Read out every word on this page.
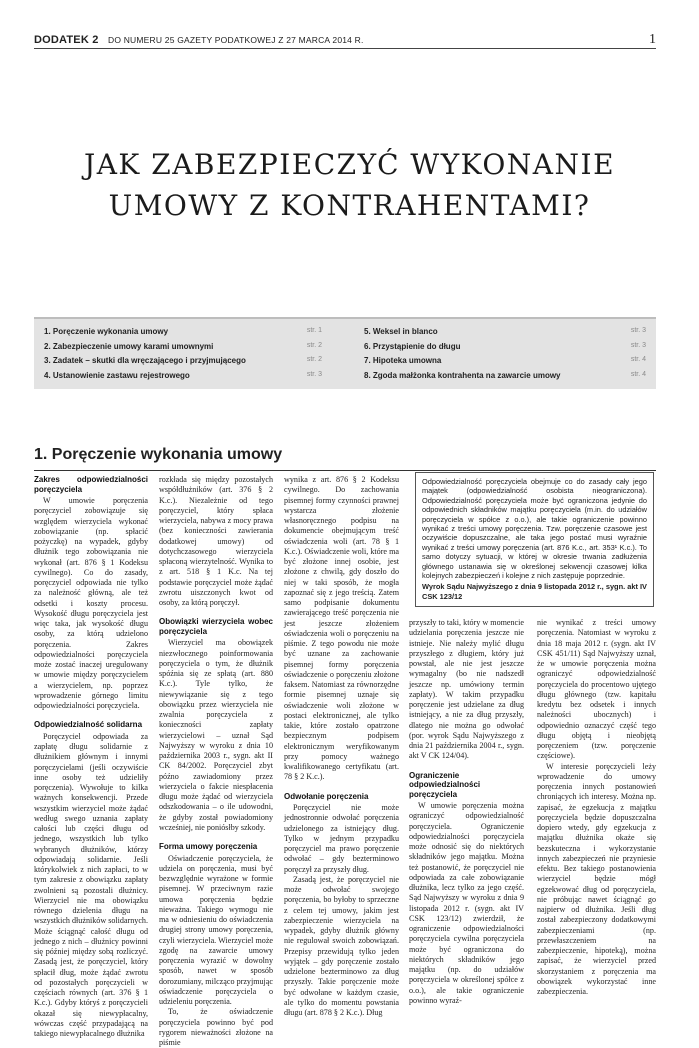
DODATEK 2 DO NUMERU 25 GAZETY PODATKOWEJ Z 27 MARCA 2014 R.	1
JAK ZABEZPIECZYĆ WYKONANIE
UMOWY Z KONTRAHENTAMI?
1. Poręczenie wykonania umowy	str. 1
2. Zabezpieczenie umowy karami umownymi	str. 2
3. Zadatek – skutki dla wręczającego i przyjmującego	str. 2
4. Ustanowienie zastawu rejestrowego	str. 3
5. Weksel in blanco	str. 3
6. Przystąpienie do długu	str. 3
7. Hipoteka umowna	str. 4
8. Zgoda małżonka kontrahenta na zawarcie umowy	str. 4
1. Poręczenie wykonania umowy
Odpowiedzialność poręczyciela obejmuje co do zasady cały jego majątek (odpowiedzialność osobista nieograniczona). Odpowiedzialność poręczyciela może być ograniczona jedynie do odpowiednich składników majątku poręczyciela (m.in. do udziałów poręczyciela w spółce z o.o.), ale takie ograniczenie powinno wynikać z treści umowy poręczenia. Tzw. poręczenie czasowe jest oczywiście dopuszczalne, ale taka jego postać musi wyraźnie wynikać z treści umowy poręczenia (art. 876 K.c., art. 353¹ K.c.). To samo dotyczy sytuacji, w której w okresie trwania zadłużenia głównego ustanawia się w określonej sekwencji czasowej kilka kolejnych zabezpieczeń i kolejne z nich zastępuje poprzednie.
Wyrok Sądu Najwyższego z dnia 9 listopada 2012 r., sygn. akt IV CSK 123/12
Zakres odpowiedzialności poręczyciela

W umowie poręczenia poręczyciel zobowiązuje się względem wierzyciela wykonać zobowiązanie (np. spłacić pożyczkę) na wypadek, gdyby dłużnik tego zobowiązania nie wykonał (art. 876 § 1 Kodeksu cywilnego). Co do zasady, poręczyciel odpowiada nie tylko za należność główną, ale też odsetki i koszty procesu. Wysokość długu poręczyciela jest więc taka, jak wysokość długu osoby, za którą udzielono poręczenia. Zakres odpowiedzialności poręczyciela może zostać inaczej uregulowany w umowie między poręczycielem a wierzycielem, np. poprzez wprowadzenie górnego limitu odpowiedzialności poręczyciela.

Odpowiedzialność solidarna

Poręczyciel odpowiada za zapłatę długu solidarnie z dłużnikiem głównym i innymi poręczycielami (jeśli oczywiście inne osoby też udzieliły poręczenia). Wywołuje to kilka ważnych konsekwencji. Przede wszystkim wierzyciel może żądać według swego uznania zapłaty całości lub części długu od jednego, wszystkich lub tylko wybranych dłużników, którzy odpowiadają solidarnie. Jeśli którykolwiek z nich zapłaci, to w tym zakresie z obowiązku zapłaty zwolnieni są pozostali dłużnicy. Wierzyciel nie ma obowiązku równego dzielenia długu na wszystkich dłużników solidarnych. Może ściągnąć całość długu od jednego z nich – dłużnicy powinni się później między sobą rozliczyć. Zasadą jest, że poręczyciel, który spłacił dług, może żądać zwrotu od pozostałych poręczycieli w częściach równych (art. 376 § 1 K.c.). Gdyby któryś z poręczycieli okazał się niewypłacalny, wówczas część przypadającą na takiego niewypłacalnego dłużnika

rozkłada się między pozostałych współdłużników (art. 376 § 2 K.c.). Niezależnie od tego poręczyciel, który spłaca wierzyciela, nabywa z mocy prawa (bez konieczności zawierania dodatkowej umowy) od dotychczasowego wierzyciela spłaconą wierzytelność. Wynika to z art. 518 § 1 K.c. Na tej podstawie poręczyciel może żądać zwrotu uiszczonych kwot od osoby, za którą poręczył.

Obowiązki wierzyciela wobec poręczyciela

Wierzyciel ma obowiązek niezwłocznego poinformowania poręczyciela o tym, że dłużnik spóźnia się ze spłatą (art. 880 K.c.). Tyle tylko, że niewywiązanie się z tego obowiązku przez wierzyciela nie zwalnia poręczyciela z konieczności zapłaty wierzycielowi – uznał Sąd Najwyższy w wyroku z dnia 10 października 2003 r., sygn. akt II CK 84/2002. Poręczyciel zbyt późno zawiadomiony przez wierzyciela o fakcie niespłacenia długu może żądać od wierzyciela odszkodowania – o ile udowodni, że gdyby został powiadomiony wcześniej, nie poniósłby szkody.

Forma umowy poręczenia

Oświadczenie poręczyciela, że udziela on poręczenia, musi być bezwzględnie wyrażone w formie pisemnej. W przeciwnym razie umowa poręczenia będzie nieważna. Takiego wymogu nie ma w odniesieniu do oświadczenia drugiej strony umowy poręczenia, czyli wierzyciela. Wierzyciel może zgodę na zawarcie umowy poręczenia wyrazić w dowolny sposób, nawet w sposób dorozumiany, milcząco przyjmując oświadczenie poręczyciela o udzieleniu poręczenia.

To, że oświadczenie poręczyciela powinno być pod rygorem nieważności złożone na piśmie

wynika z art. 876 § 2 Kodeksu cywilnego. Do zachowania pisemnej formy czynności prawnej wystarcza złożenie własnoręcznego podpisu na dokumencie obejmującym treść oświadczenia woli (art. 78 § 1 K.c.). Oświadczenie woli, które ma być złożone innej osobie, jest złożone z chwilą, gdy doszło do niej w taki sposób, że mogła zapoznać się z jego treścią. Zatem samo podpisanie dokumentu zawierającego treść poręczenia nie jest jeszcze złożeniem oświadczenia woli o poręczeniu na piśmie. Z tego powodu nie może być uznane za zachowanie pisemnej formy poręczenia oświadczenie o poręczeniu złożone faksem. Natomiast za równorzędne formie pisemnej uznaje się oświadczenie woli złożone w postaci elektronicznej, ale tylko takie, które zostało opatrzone bezpiecznym podpisem elektronicznym weryfikowanym przy pomocy ważnego kwalifikowanego certyfikatu (art. 78 § 2 K.c.).

Odwołanie poręczenia

Poręczyciel nie może jednostronnie odwołać poręczenia udzielonego za istniejący dług. Tylko w jednym przypadku poręczyciel ma prawo poręczenie odwołać – gdy bezterminowo poręczył za przyszły dług.

Zasadą jest, że poręczyciel nie może odwołać swojego poręczenia, bo byłoby to sprzeczne z celem tej umowy, jakim jest zabezpieczenie wierzyciela na wypadek, gdyby dłużnik główny nie regulował swoich zobowiązań. Przepisy przewidują tylko jeden wyjątek – gdy poręczenie zostało udzielone bezterminowo za dług przyszły. Takie poręczenie może być odwołane w każdym czasie, ale tylko do momentu powstania długu (art. 878 § 2 K.c.). Dług

przyszły to taki, który w momencie udzielania poręczenia jeszcze nie istnieje. Nie należy mylić długu przyszłego z długiem, który już powstał, ale nie jest jeszcze wymagalny (bo nie nadszedł jeszcze np. umówiony termin zapłaty). W takim przypadku poręczenie jest udzielane za dług istniejący, a nie za dług przyszły, dlatego nie można go odwołać (por. wyrok Sądu Najwyższego z dnia 21 października 2004 r., sygn. akt V CK 124/04).

Ograniczenie odpowiedzialności poręczyciela

W umowie poręczenia można ograniczyć odpowiedzialność poręczyciela. Ograniczenie odpowiedzialności poręczyciela może odnosić się do niektórych składników jego majątku. Można też postanowić, że poręczyciel nie odpowiada za całe zobowiązanie dłużnika, lecz tylko za jego część. Sąd Najwyższy w wyroku z dnia 9 listopada 2012 r. (sygn. akt IV CSK 123/12) zwierdził, że ograniczenie odpowiedzialności poręczyciela cywilna poręczyciela może być ograniczona do niektórych składników jego majątku (np. do udziałów poręczyciela w określonej spółce z o.o.), ale takie ograniczenie powinno wyraź-

nie wynikać z treści umowy poręczenia. Natomiast w wyroku z dnia 18 maja 2012 r. (sygn. akt IV CSK 451/11) Sąd Najwyższy uznał, że w umowie poręczenia można ograniczyć odpowiedzialność poręczyciela do procentowo ujętego długu głównego (tzw. kapitału kredytu bez odsetek i innych należności ubocznych) i odpowiednio oznaczyć część tego długu objętą i nieobjętą poręczeniem (tzw. poręczenie częściowe).

W interesie poręczycieli leży wprowadzenie do umowy poręczenia innych postanowień chroniących ich interesy. Można np. zapisać, że egzekucja z majątku poręczyciela będzie dopuszczalna dopiero wtedy, gdy egzekucja z majątku dłużnika okaże się bezskuteczna i wykorzystanie innych zabezpieczeń nie przyniesie efektu. Bez takiego postanowienia wierzyciel będzie mógł egzekwować dług od poręczyciela, nie próbując nawet ściągnąć go najpierw od dłużnika. Jeśli dług został zabezpieczony dodatkowymi zabezpieczeniami (np. przewłaszczeniem na zabezpieczenie, hipoteką), można zapisać, że wierzyciel przed skorzystaniem z poręczenia ma obowiązek wykorzystać inne zabezpieczenia.
